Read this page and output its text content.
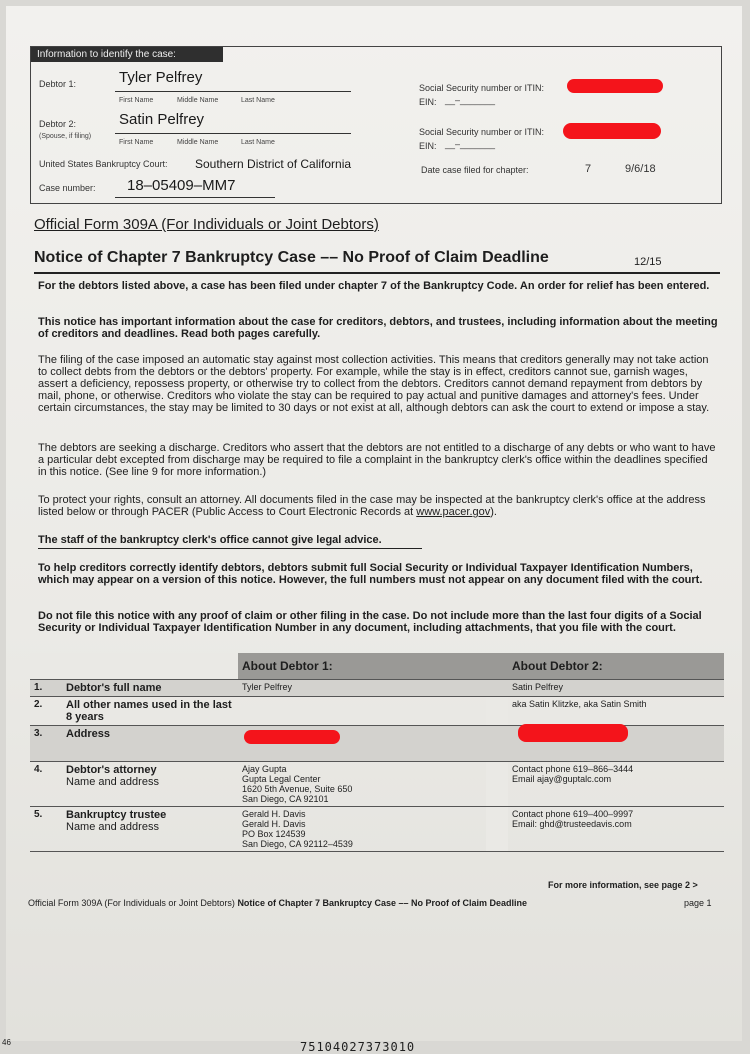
Information to identify the case:
Debtor 1:	Tyler Pelfrey
First Name	Middle Name	Last Name
Debtor 2:
(Spouse, if filing)
Satin Pelfrey
First Name	Middle Name	Last Name
United States Bankruptcy Court: Southern District of California
Case number: 18–05409–MM7
Social Security number or ITIN:
EIN: __–_______
Social Security number or ITIN:
EIN: __–_______
Date case filed for chapter:	7	9/6/18
Official Form 309A (For Individuals or Joint Debtors)
Notice of Chapter 7 Bankruptcy Case –– No Proof of Claim Deadline	12/15
For the debtors listed above, a case has been filed under chapter 7 of the Bankruptcy Code. An order for relief has been entered.
This notice has important information about the case for creditors, debtors, and trustees, including information about the meeting of creditors and deadlines. Read both pages carefully.
The filing of the case imposed an automatic stay against most collection activities. This means that creditors generally may not take action to collect debts from the debtors or the debtors' property. For example, while the stay is in effect, creditors cannot sue, garnish wages, assert a deficiency, repossess property, or otherwise try to collect from the debtors. Creditors cannot demand repayment from debtors by mail, phone, or otherwise. Creditors who violate the stay can be required to pay actual and punitive damages and attorney's fees. Under certain circumstances, the stay may be limited to 30 days or not exist at all, although debtors can ask the court to extend or impose a stay.
The debtors are seeking a discharge. Creditors who assert that the debtors are not entitled to a discharge of any debts or who want to have a particular debt excepted from discharge may be required to file a complaint in the bankruptcy clerk's office within the deadlines specified in this notice. (See line 9 for more information.)
To protect your rights, consult an attorney. All documents filed in the case may be inspected at the bankruptcy clerk's office at the address listed below or through PACER (Public Access to Court Electronic Records at www.pacer.gov).
The staff of the bankruptcy clerk's office cannot give legal advice.
To help creditors correctly identify debtors, debtors submit full Social Security or Individual Taxpayer Identification Numbers, which may appear on a version of this notice. However, the full numbers must not appear on any document filed with the court.
Do not file this notice with any proof of claim or other filing in the case. Do not include more than the last four digits of a Social Security or Individual Taxpayer Identification Number in any document, including attachments, that you file with the court.
		About Debtor 1:		About Debtor 2:
1.	Debtor's full name	Tyler Pelfrey		Satin Pelfrey
2.	All other names used in the last 8 years			aka Satin Klitzke, aka Satin Smith
3.	Address	

4.	Debtor's attorney
Name and address	Ajay Gupta
Gupta Legal Center
1620 5th Avenue, Suite 650
San Diego, CA 92101		Contact phone 619–866–3444
Email ajay@guptalc.com
5.	Bankruptcy trustee
Name and address	Gerald H. Davis
Gerald H. Davis
PO Box 124539
San Diego, CA 92112–4539		Contact phone 619–400–9997
Email: ghd@trusteedavis.com
For more information, see page 2 >
Official Form 309A (For Individuals or Joint Debtors) Notice of Chapter 7 Bankruptcy Case –– No Proof of Claim Deadline	page 1
46	75104027373010
